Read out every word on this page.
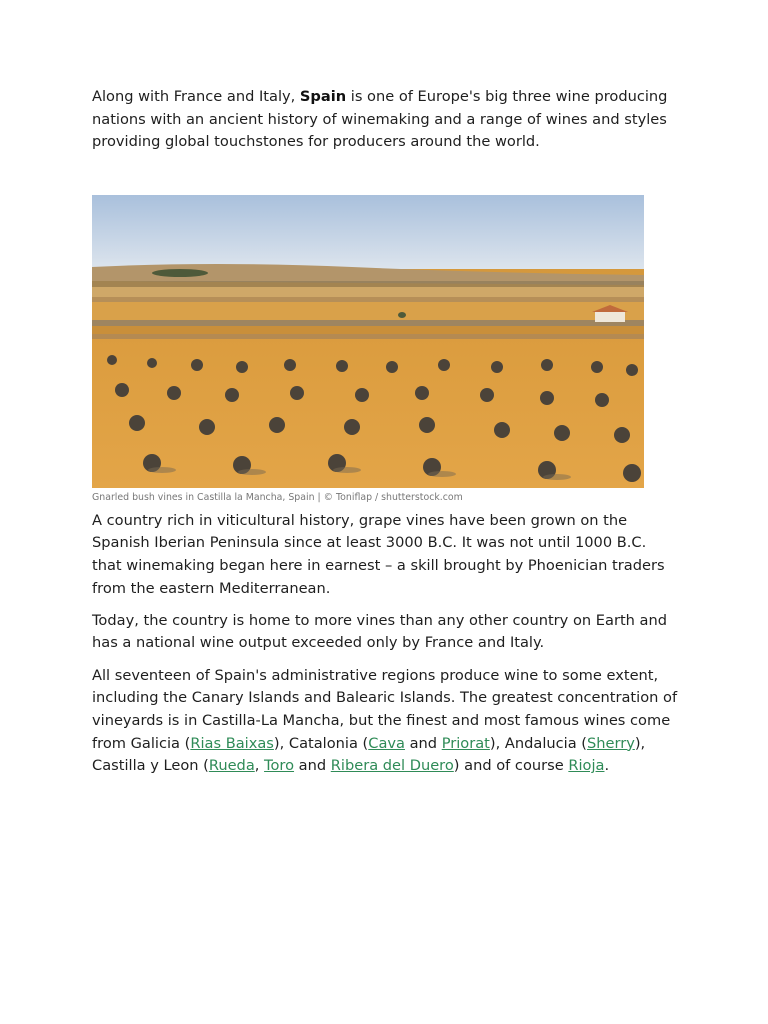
Along with France and Italy, Spain is one of Europe's big three wine producing nations with an ancient history of winemaking and a range of wines and styles providing global touchstones for producers around the world.

Gnarled bush vines in Castilla la Mancha, Spain | © Toniflap / shutterstock.com

A country rich in viticultural history, grape vines have been grown on the Spanish Iberian Peninsula since at least 3000 B.C. It was not until 1000 B.C. that winemaking began here in earnest – a skill brought by Phoenician traders from the eastern Mediterranean.

Today, the country is home to more vines than any other country on Earth and has a national wine output exceeded only by France and Italy.

All seventeen of Spain's administrative regions produce wine to some extent, including the Canary Islands and Balearic Islands. The greatest concentration of vineyards is in Castilla-La Mancha, but the finest and most famous wines come from Galicia (Rias Baixas), Catalonia (Cava and Priorat), Andalucia (Sherry), Castilla y Leon (Rueda, Toro and Ribera del Duero) and of course Rioja.
